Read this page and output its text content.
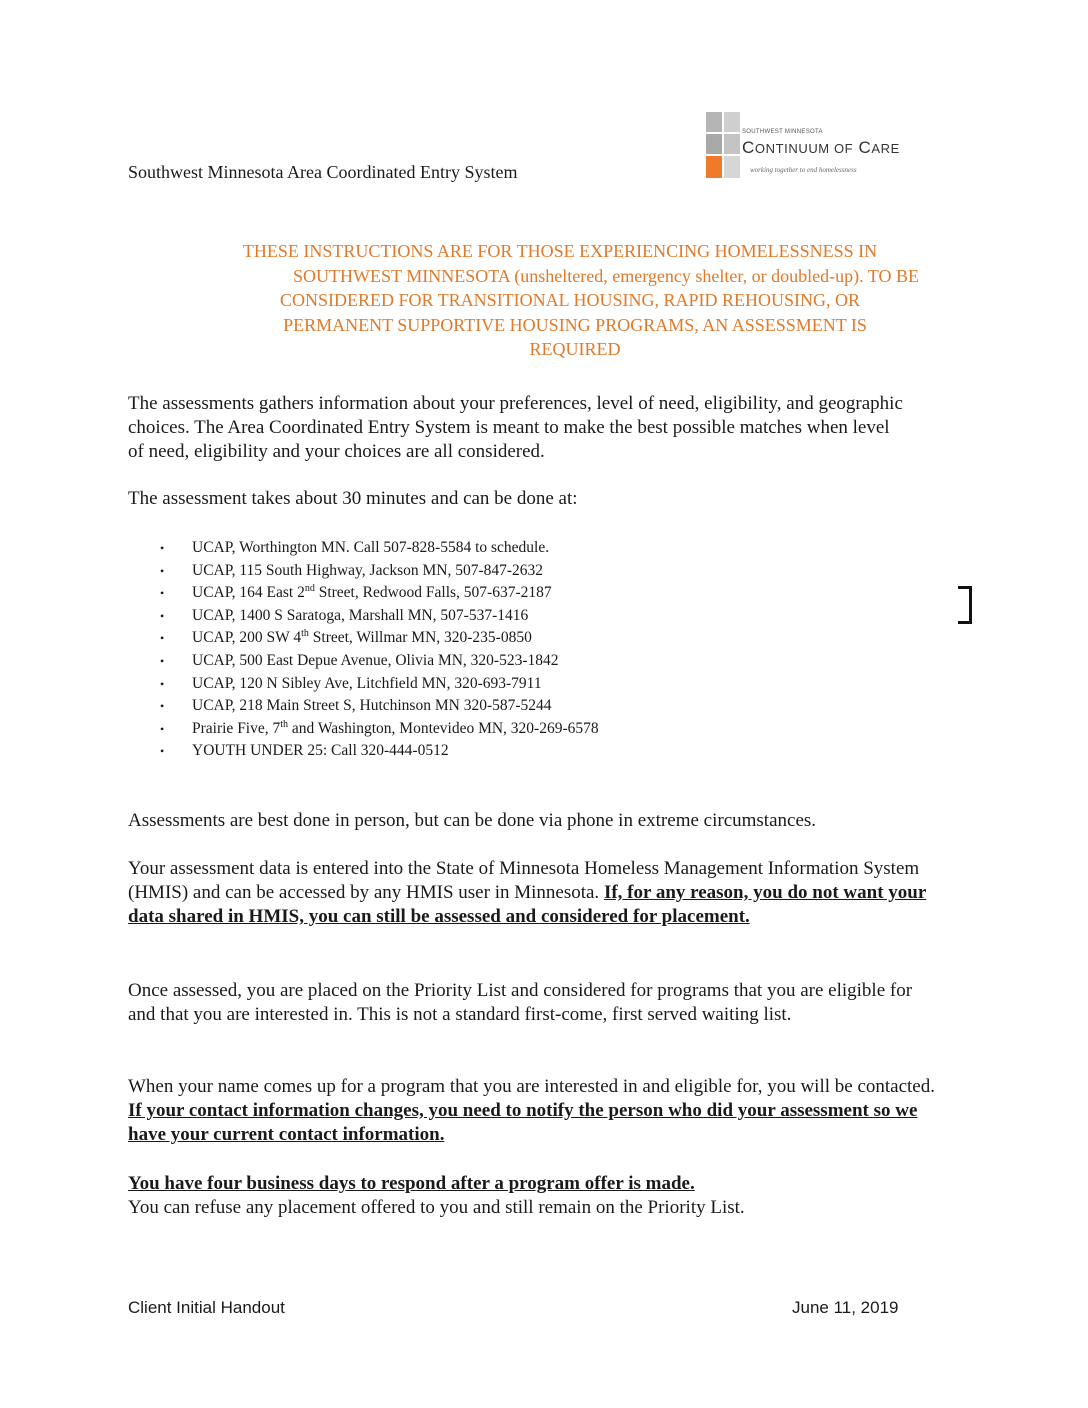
Southwest Minnesota Area Coordinated Entry System
SOUTHWEST MINNESOTA
CONTINUUM OF CARE
working together to end homelessness
THESE INSTRUCTIONS ARE FOR THOSE EXPERIENCING HOMELESSNESS IN
SOUTHWEST MINNESOTA (unsheltered, emergency shelter, or doubled-up). TO BE
CONSIDERED FOR TRANSITIONAL HOUSING, RAPID REHOUSING, OR
PERMANENT SUPPORTIVE HOUSING PROGRAMS, AN ASSESSMENT IS
REQUIRED

The assessments gathers information about your preferences, level of need, eligibility, and geographic choices. The Area Coordinated Entry System is meant to make the best possible matches when level of need, eligibility and your choices are all considered.

The assessment takes about 30 minutes and can be done at:

• UCAP, Worthington MN. Call 507-828-5584 to schedule.
• UCAP, 115 South Highway, Jackson MN, 507-847-2632
• UCAP, 164 East 2nd Street, Redwood Falls, 507-637-2187
• UCAP, 1400 S Saratoga, Marshall MN, 507-537-1416
• UCAP, 200 SW 4th Street, Willmar MN, 320-235-0850
• UCAP, 500 East Depue Avenue, Olivia MN, 320-523-1842
• UCAP, 120 N Sibley Ave, Litchfield MN, 320-693-7911
• UCAP, 218 Main Street S, Hutchinson MN 320-587-5244
• Prairie Five, 7th and Washington, Montevideo MN, 320-269-6578
• YOUTH UNDER 25: Call 320-444-0512

Assessments are best done in person, but can be done via phone in extreme circumstances.

Your assessment data is entered into the State of Minnesota Homeless Management Information System (HMIS) and can be accessed by any HMIS user in Minnesota. If, for any reason, you do not want your data shared in HMIS, you can still be assessed and considered for placement.

Once assessed, you are placed on the Priority List and considered for programs that you are eligible for and that you are interested in. This is not a standard first-come, first served waiting list.

When your name comes up for a program that you are interested in and eligible for, you will be contacted. If your contact information changes, you need to notify the person who did your assessment so we have your current contact information.

You have four business days to respond after a program offer is made.
You can refuse any placement offered to you and still remain on the Priority List.

Client Initial Handout	June 11, 2019
